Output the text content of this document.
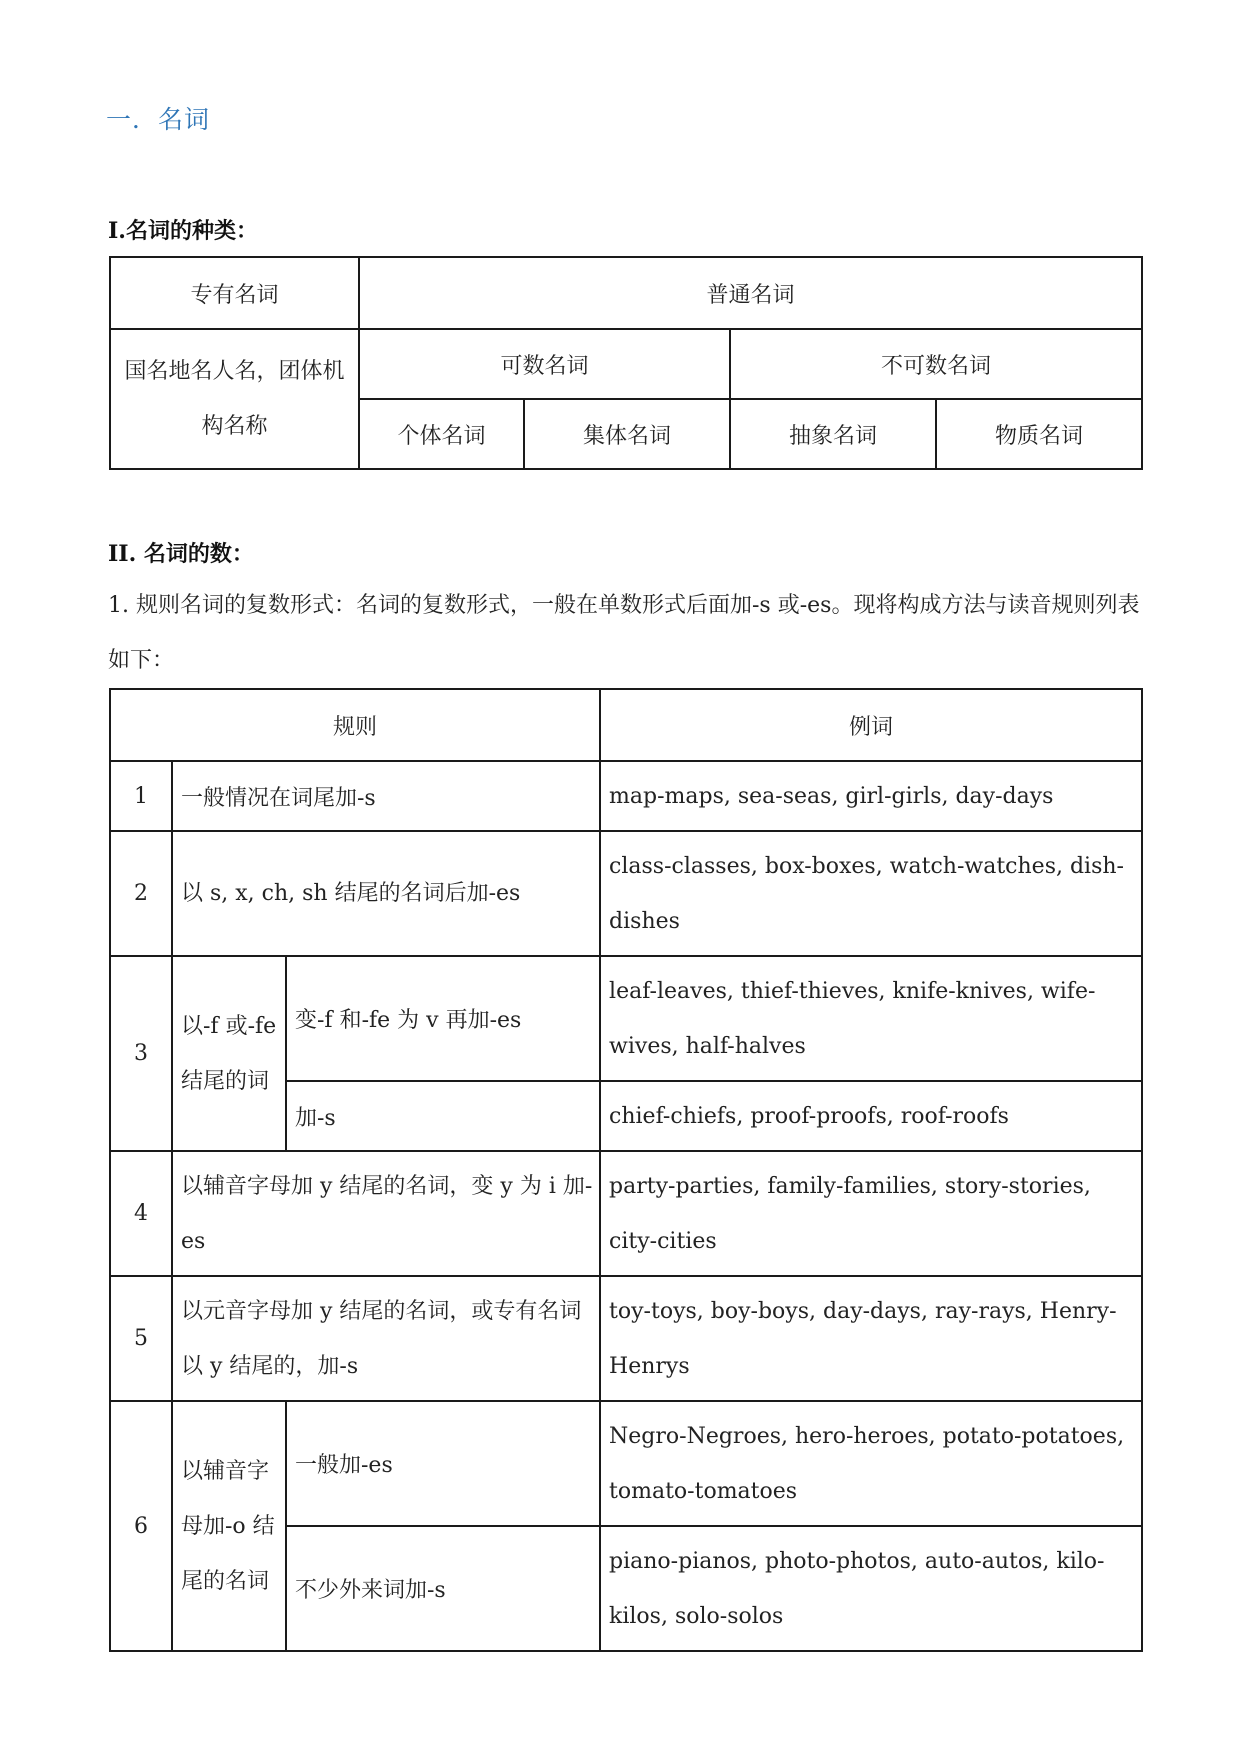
一．名词
I.名词的种类：
专有名词	普通名词			
国名地名人名，团体机构名称	可数名词		不可数名词	
	个体名词	集体名词	抽象名词	物质名词
II. 名词的数：
1. 规则名词的复数形式：名词的复数形式，一般在单数形式后面加-s 或-es。现将构成方法与读音规则列表如下：
规则			例词
1	一般情况在词尾加-s		map-maps, sea-seas, girl-girls, day-days
2	以 s, x, ch, sh 结尾的名词后加-es		class-classes, box-boxes, watch-watches, dish-dishes
3	以-f 或-fe 结尾的词	变-f 和-fe 为 v 再加-es	leaf-leaves, thief-thieves, knife-knives, wife-wives, half-halves
		加-s	chief-chiefs, proof-proofs, roof-roofs
4	以辅音字母加 y 结尾的名词，变 y 为 i 加-es		party-parties, family-families, story-stories, city-cities
5	以元音字母加 y 结尾的名词，或专有名词以 y 结尾的，加-s		toy-toys, boy-boys, day-days, ray-rays, Henry-Henrys
6	以辅音字母加-o 结尾的名词	一般加-es	Negro-Negroes, hero-heroes, potato-potatoes, tomato-tomatoes
		不少外来词加-s	piano-pianos, photo-photos, auto-autos, kilo-kilos, solo-solos
